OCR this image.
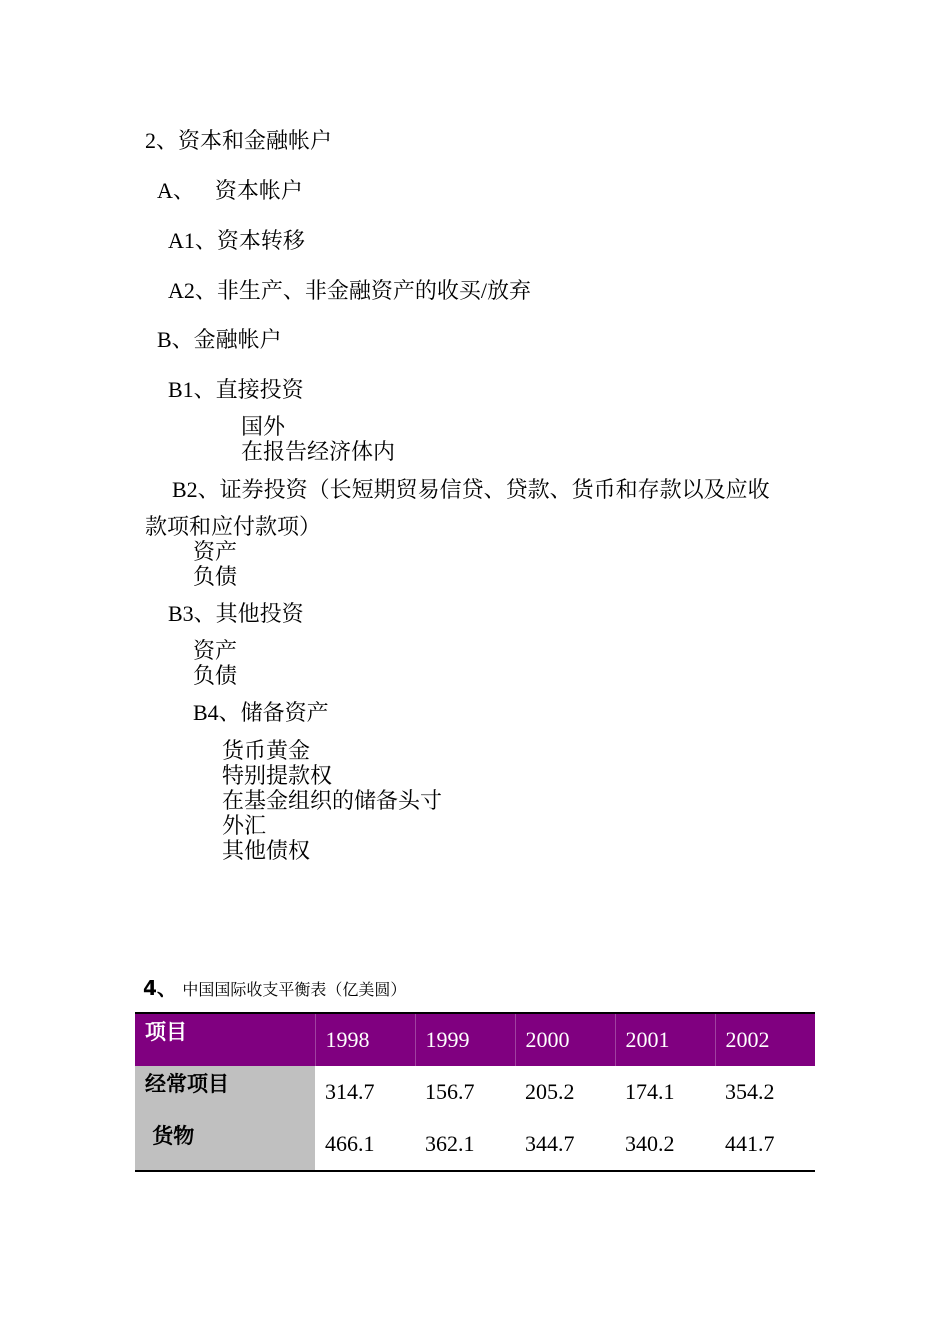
2、资本和金融帐户
A、 资本帐户
A1、资本转移
A2、非生产、非金融资产的收买/放弃
B、金融帐户
B1、直接投资
国外
在报告经济体内
B2、证券投资（长短期贸易信贷、贷款、货币和存款以及应收
款项和应付款项）
资产
负债
B3、其他投资
资产
负债
B4、储备资产
货币黄金
特别提款权
在基金组织的储备头寸
外汇
其他债权
4、 中国国际收支平衡表（亿美圆）
项目	1998	1999	2000	2001	2002
经常项目	314.7	156.7	205.2	174.1	354.2
货物	466.1	362.1	344.7	340.2	441.7
